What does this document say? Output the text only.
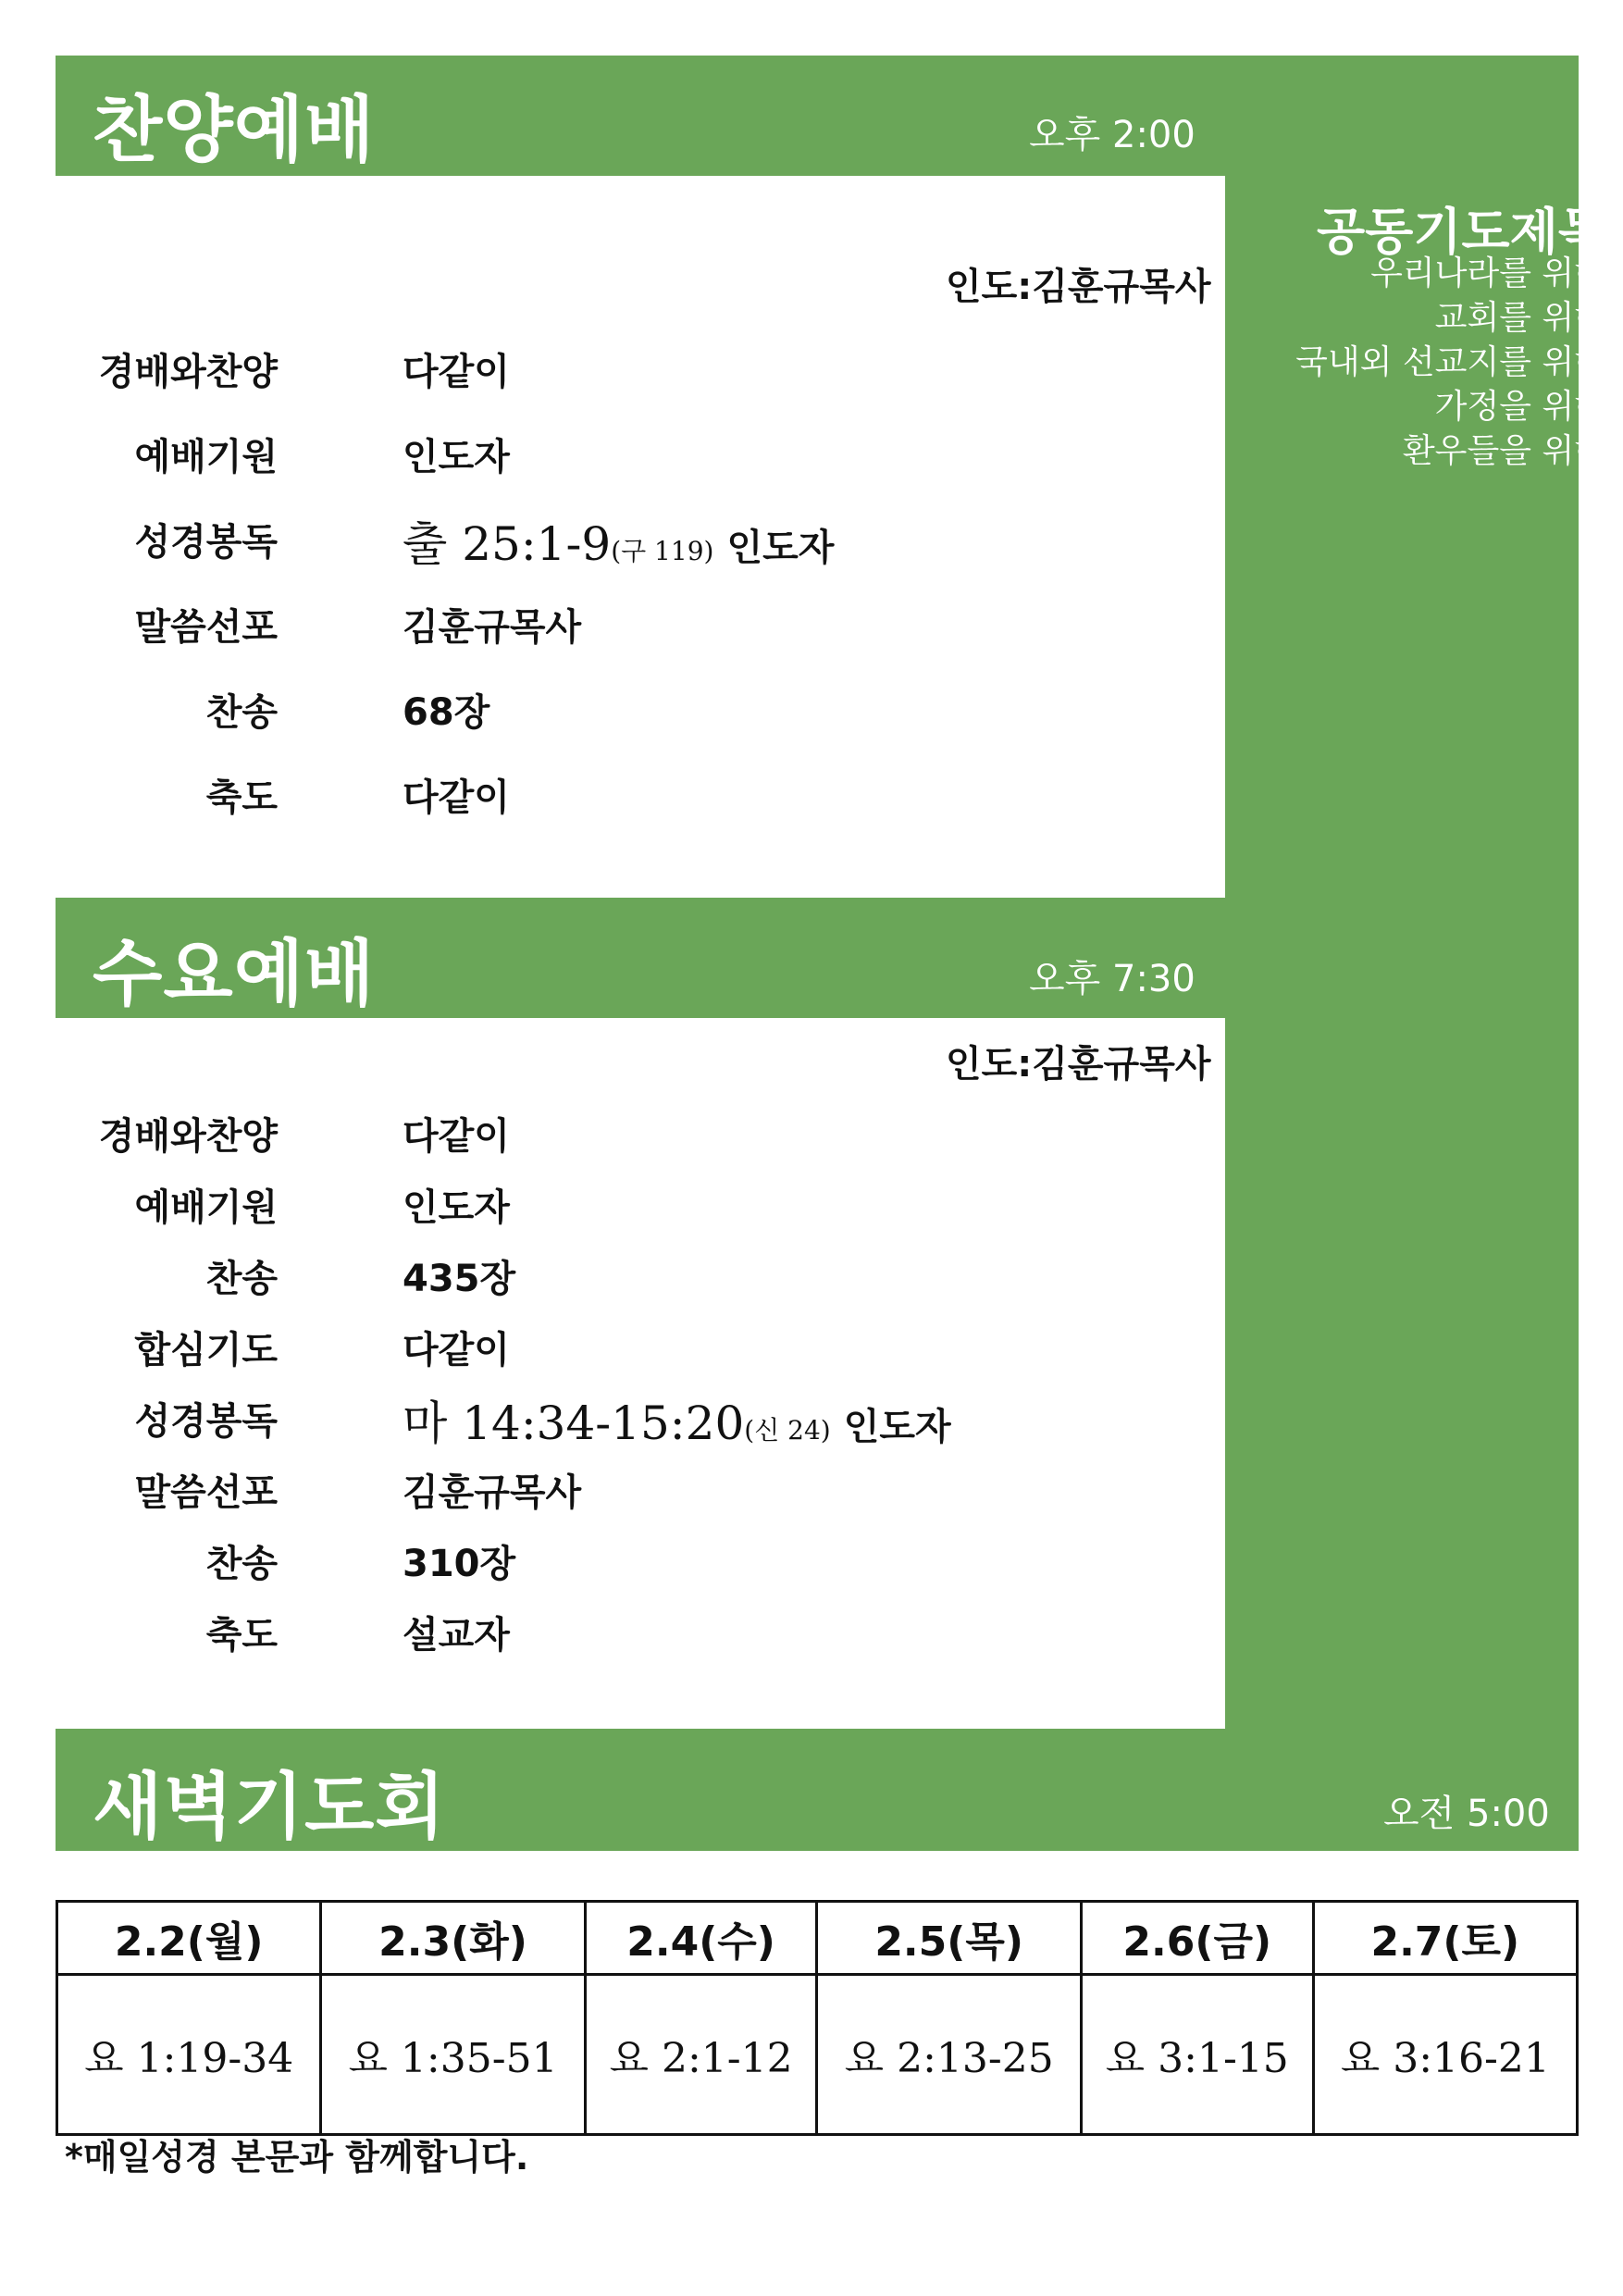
찬양예배	오후 2:00
공동기도제목
우리나라를 위해
교회를 위해
국내외 선교지를 위해
가정을 위해
환우들을 위해
인도:김훈규목사
경배와찬양	다같이
예배기원	인도자
성경봉독	출 25:1-9(구 119) 인도자
말씀선포	김훈규목사
찬송	68장
축도	다같이
수요예배	오후 7:30
인도:김훈규목사
경배와찬양	다같이
예배기원	인도자
찬송	435장
합심기도	다같이
성경봉독	마 14:34-15:20(신 24) 인도자
말씀선포	김훈규목사
찬송	310장
축도	설교자
새벽기도회	오전 5:00
2.2(월)	2.3(화)	2.4(수)	2.5(목)	2.6(금)	2.7(토)
요 1:19-34	요 1:35-51	요 2:1-12	요 2:13-25	요 3:1-15	요 3:16-21
*매일성경 본문과 함께합니다.
